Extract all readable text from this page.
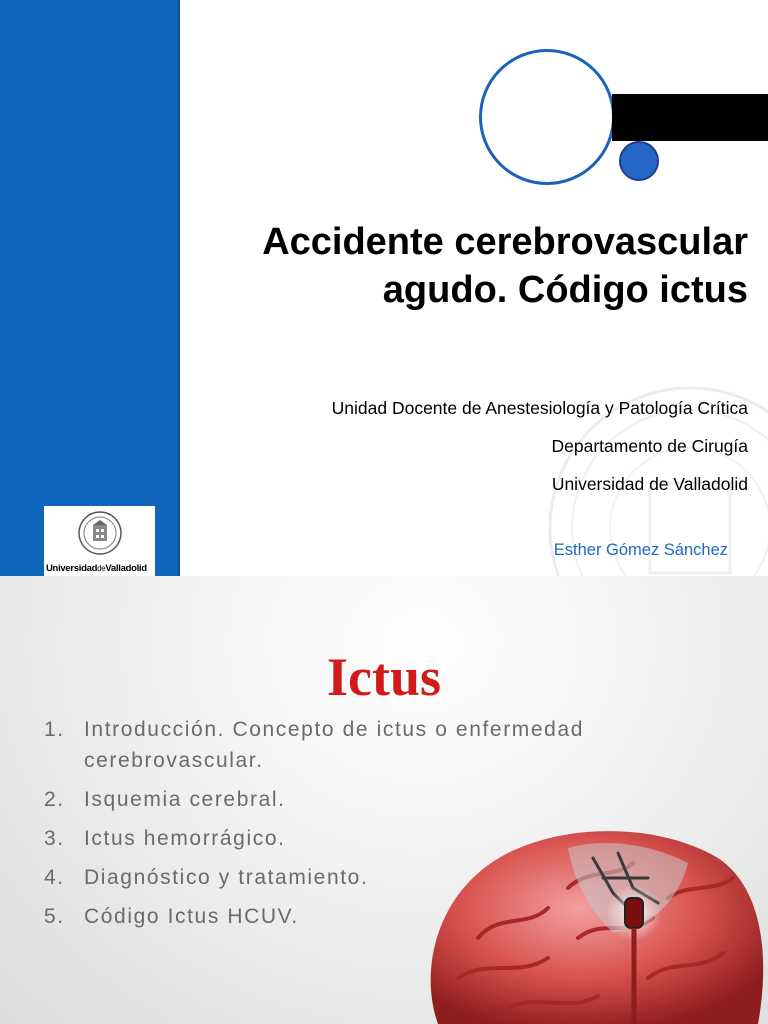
UniversidaddeValladolid
Accidente cerebrovascular
agudo. Código ictus
Unidad Docente de Anestesiología y Patología Crítica
Departamento de Cirugía
Universidad de Valladolid
Esther Gómez Sánchez
Ictus
1. Introducción. Concepto de ictus o enfermedad cerebrovascular.
2. Isquemia cerebral.
3. Ictus hemorrágico.
4. Diagnóstico y tratamiento.
5. Código Ictus HCUV.
